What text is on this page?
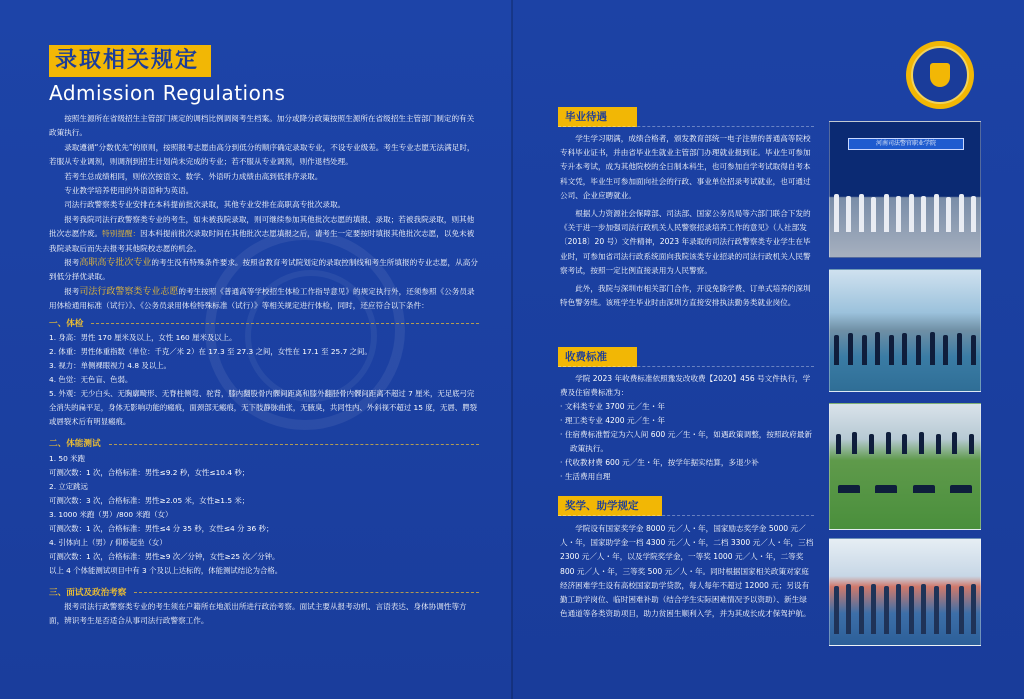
录取相关规定
Admission Regulations

按照生源所在省级招生主管部门规定的调档比例调阅考生档案。加分或降分政策按照生源所在省级招生主管部门制定的有关政策执行。

录取遵循“分数优先”的原则，按照报考志愿由高分到低分的顺序确定录取专业，不设专业级差。考生专业志愿无法满足时，若服从专业调剂，则调剂到招生计划尚未完成的专业；若不服从专业调剂，则作退档处理。

若考生总成绩相同，则依次按语文、数学、外语听力成绩由高到低排序录取。

专业教学培养使用的外语语种为英语。

司法行政警察类专业安排在本科提前批次录取，其他专业安排在高职高专批次录取。

报考我院司法行政警察类专业的考生，如未被我院录取，则可继续参加其他批次志愿的填报、录取；若被我院录取，则其他批次志愿作废。特别提醒：因本科提前批次录取时间在其他批次志愿填报之后，请考生一定要按时填报其他批次志愿，以免未被我院录取后而失去报考其他院校志愿的机会。

报考高职高专批次专业的考生没有特殊条件要求。按照省教育考试院划定的录取控制线和考生所填报的专业志愿，从高分到低分择优录取。

报考司法行政警察类专业志愿的考生按照《普通高等学校招生体检工作指导意见》的规定执行外，还须参照《公务员录用体检通用标准（试行）》、《公务员录用体检特殊标准（试行）》等相关规定进行体检，同时，还应符合以下条件：

一、体检
1. 身高：男性 170 厘米及以上，女性 160 厘米及以上。
2. 体重：男性体重指数（单位：千克／米 2）在 17.3 至 27.3 之间，女性在 17.1 至 25.7 之间。
3. 视力：单侧裸眼视力 4.8 及以上。
4. 色觉：无色盲、色弱。
5. 外观：无少白头、无胸廓畸形、无脊柱侧弯、驼背，膝内翻股骨内髁间距离和膝外翻胫骨内髁间距离不超过 7 厘米，无足底弓完全消失的扁平足，身体无影响功能的瘢痕，面颈部无瘢痕，无下肢静脉曲张，无腋臭，共同性内、外斜视不超过 15 度，无唇、腭裂或唇裂术后有明显瘢痕。
二、体能测试
1. 50 米跑
可测次数：1 次，合格标准：男性≤9.2 秒，女性≤10.4 秒；
2. 立定跳远
可测次数：3 次，合格标准：男性≥2.05 米，女性≥1.5 米；
3. 1000 米跑（男）/800 米跑（女）
可测次数：1 次，合格标准：男性≤4 分 35 秒，女性≤4 分 36 秒；
4. 引体向上（男）/ 仰卧起坐（女）
可测次数：1 次，合格标准：男性≥9 次／分钟，女性≥25 次／分钟。
以上 4 个体能测试项目中有 3 个及以上达标的，体能测试结论为合格。
三、面试及政治考察

报考司法行政警察类专业的考生须在户籍所在地派出所进行政治考察。面试主要从报考动机、言语表达、身体协调性等方面，辨识考生是否适合从事司法行政警察工作。

毕业待遇

学生学习期满，成绩合格者，颁发教育部统一电子注册的普通高等院校专科毕业证书，并由省毕业生就业主管部门办理就业报到证。毕业生可参加专升本考试，成为其他院校的全日制本科生，也可参加自学考试取得自考本科文凭，毕业生可参加面向社会的行政、事业单位招录考试就业，也可通过公司、企业应聘就业。

根据人力资源社会保障部、司法部、国家公务员局等六部门联合下发的《关于进一步加强司法行政机关人民警察招录培养工作的意见》（人社部发〔2018〕20 号）文件精神，2023 年录取的司法行政警察类专业学生在毕业时，可参加省司法行政系统面向我院该类专业招录的司法行政机关人民警察考试，按照一定比例直接录用为人民警察。

此外，我院与深圳市相关部门合作，开设免除学费、订单式培养的深圳特色警务班。该班学生毕业时由深圳方直接安排执法勤务类就业岗位。

收费标准

学院 2023 年收费标准依照豫发改收费【2020】456 号文件执行，学费及住宿费标准为：

· 文科类专业 3700 元／生・年
· 理工类专业 4200 元／生・年
· 住宿费标准暂定为六人间 600 元／生・年，如遇政策调整，按照政府最新政策执行。
· 代收教材费 600 元／生・年，按学年据实结算，多退少补
· 生活费用自理
奖学、助学规定

学院设有国家奖学金 8000 元／人・年，国家励志奖学金 5000 元／人・年，国家助学金一档 4300 元／人・年，二档 3300 元／人・年，三档 2300 元／人・年，以及学院奖学金，一等奖 1000 元／人・年，二等奖 800 元／人・年，三等奖 500 元／人・年。同时根据国家相关政策对家庭经济困难学生设有高校国家助学贷款，每人每年不超过 12000 元；另设有勤工助学岗位、临时困难补助（结合学生实际困难情况予以资助）、新生绿色通道等各类资助项目，助力贫困生顺利入学，并为其成长成才保驾护航。

河南司法警官职业学院
